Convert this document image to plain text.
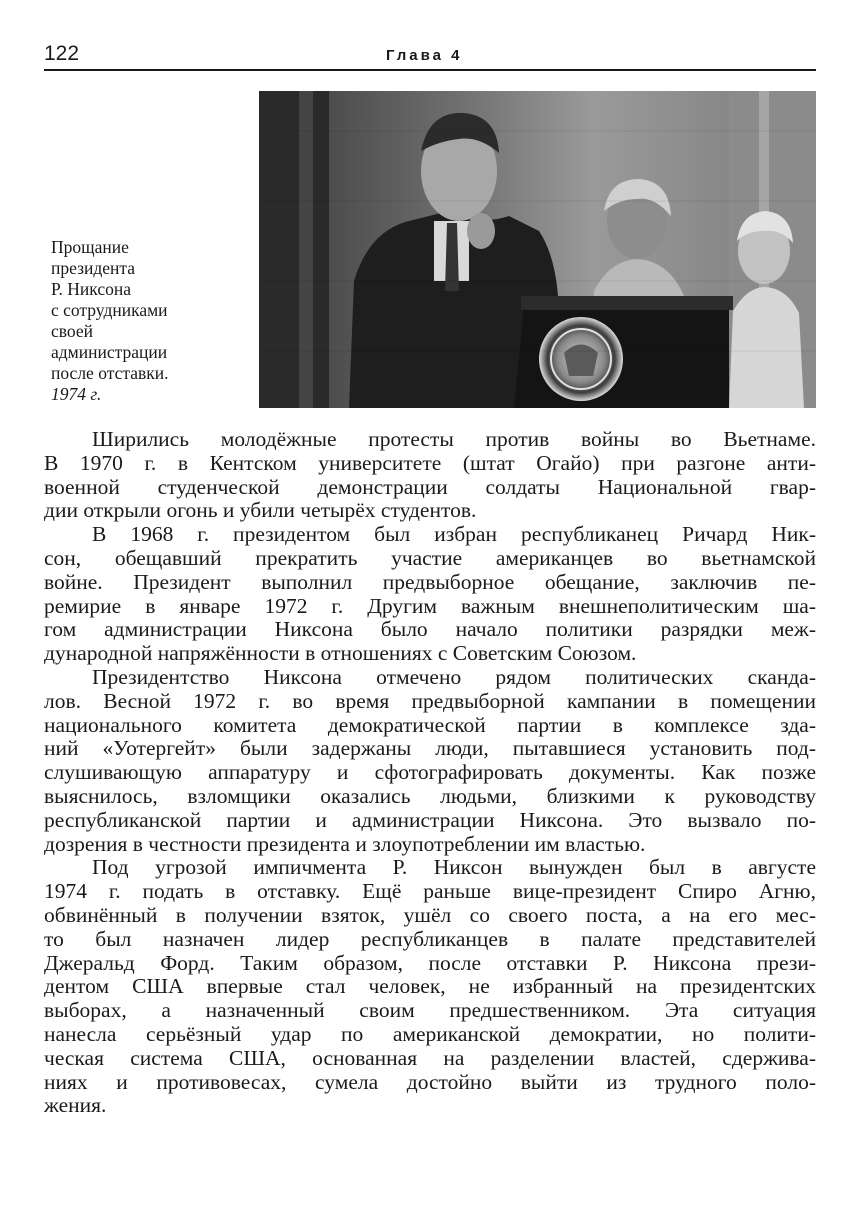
122	Глава 4
Прощание
президента
Р. Никсона
с сотрудниками
своей
администрации
после отставки.
1974 г.
Ширились молодёжные протесты против войны во Вьетнаме.
В 1970 г. в Кентском университете (штат Огайо) при разгоне анти-
военной студенческой демонстрации солдаты Национальной гвар-
дии открыли огонь и убили четырёх студентов.
В 1968 г. президентом был избран республиканец Ричард Ник-
сон, обещавший прекратить участие американцев во вьетнамской
войне. Президент выполнил предвыборное обещание, заключив пе-
ремирие в январе 1972 г. Другим важным внешнеполитическим ша-
гом администрации Никсона было начало политики разрядки меж-
дународной напряжённости в отношениях с Советским Союзом.
Президентство Никсона отмечено рядом политических сканда-
лов. Весной 1972 г. во время предвыборной кампании в помещении
национального комитета демократической партии в комплексе зда-
ний «Уотергейт» были задержаны люди, пытавшиеся установить под-
слушивающую аппаратуру и сфотографировать документы. Как позже
выяснилось, взломщики оказались людьми, близкими к руководству
республиканской партии и администрации Никсона. Это вызвало по-
дозрения в честности президента и злоупотреблении им властью.
Под угрозой импичмента Р. Никсон вынужден был в августе
1974 г. подать в отставку. Ещё раньше вице-президент Спиро Агню,
обвинённый в получении взяток, ушёл со своего поста, а на его мес-
то был назначен лидер республиканцев в палате представителей
Джеральд Форд. Таким образом, после отставки Р. Никсона прези-
дентом США впервые стал человек, не избранный на президентских
выборах, а назначенный своим предшественником. Эта ситуация
нанесла серьёзный удар по американской демократии, но полити-
ческая система США, основанная на разделении властей, сдержива-
ниях и противовесах, сумела достойно выйти из трудного поло-
жения.
